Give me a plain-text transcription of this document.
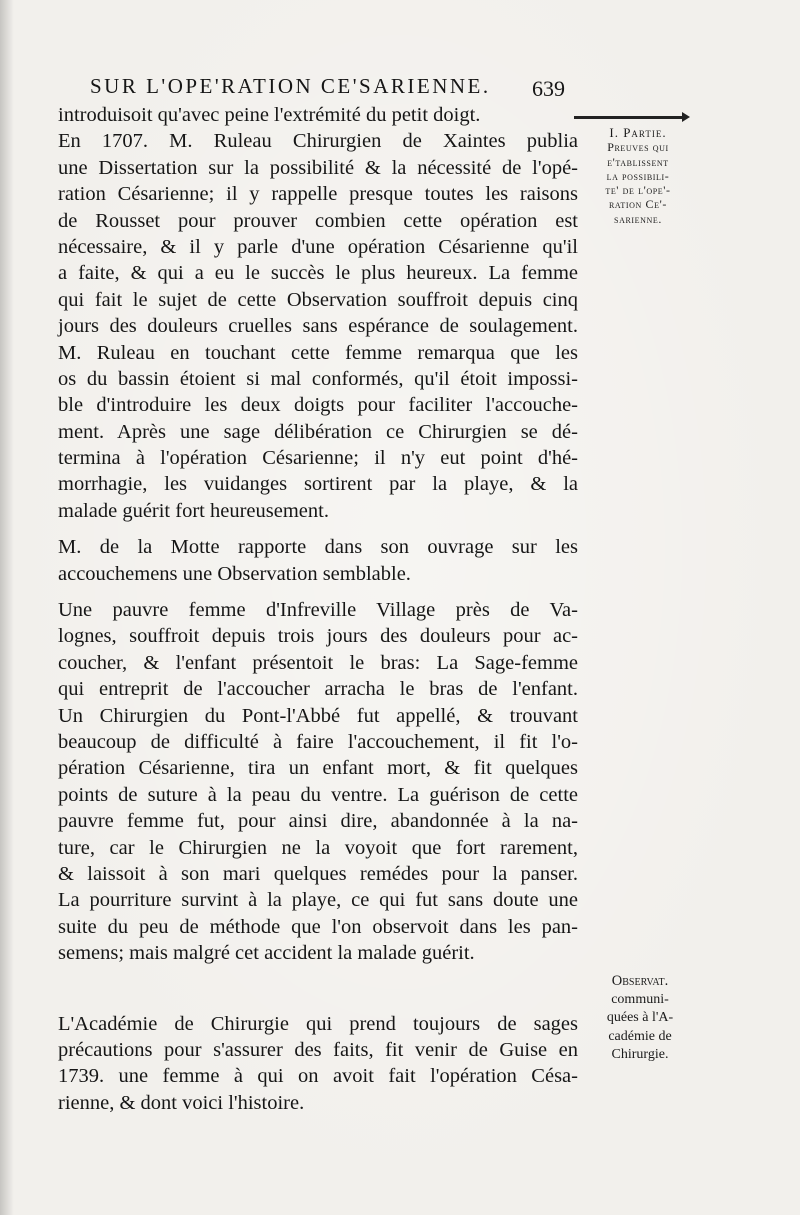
SUR L'OPE'RATION CE'SARIENNE. 639
introduisoit qu'avec peine l'extrémité du petit doigt.
En 1707. M. Ruleau Chirurgien de Xaintes publia
une Dissertation sur la possibilité & la nécessité de l'opé-
ration Césarienne; il y rappelle presque toutes les raisons
de Rousset pour prouver combien cette opération est
nécessaire, & il y parle d'une opération Césarienne qu'il
a faite, & qui a eu le succès le plus heureux. La femme
qui fait le sujet de cette Observation souffroit depuis cinq
jours des douleurs cruelles sans espérance de soulagement.
M. Ruleau en touchant cette femme remarqua que les
os du bassin étoient si mal conformés, qu'il étoit impossi-
ble d'introduire les deux doigts pour faciliter l'accouche-
ment. Après une sage délibération ce Chirurgien se dé-
termina à l'opération Césarienne; il n'y eut point d'hé-
morrhagie, les vuidanges sortirent par la playe, & la
malade guérit fort heureusement.
M. de la Motte rapporte dans son ouvrage sur les
accouchemens une Observation semblable.
Une pauvre femme d'Infreville Village près de Va-
lognes, souffroit depuis trois jours des douleurs pour ac-
coucher, & l'enfant présentoit le bras: La Sage-femme
qui entreprit de l'accoucher arracha le bras de l'enfant.
Un Chirurgien du Pont-l'Abbé fut appellé, & trouvant
beaucoup de difficulté à faire l'accouchement, il fit l'o-
pération Césarienne, tira un enfant mort, & fit quelques
points de suture à la peau du ventre. La guérison de cette
pauvre femme fut, pour ainsi dire, abandonnée à la na-
ture, car le Chirurgien ne la voyoit que fort rarement,
& laissoit à son mari quelques remédes pour la panser.
La pourriture survint à la playe, ce qui fut sans doute une
suite du peu de méthode que l'on observoit dans les pan-
semens; mais malgré cet accident la malade guérit.
L'Académie de Chirurgie qui prend toujours de sages
précautions pour s'assurer des faits, fit venir de Guise en
1739. une femme à qui on avoit fait l'opération Césa-
rienne, & dont voici l'histoire.
I. Partie.
Preuves qui
e'tablissent
la possibili-
te' de l'ope'-
ration Ce'-
sarienne.
Observat.
communi-
quées à l'A-
cadémie de
Chirurgie.
